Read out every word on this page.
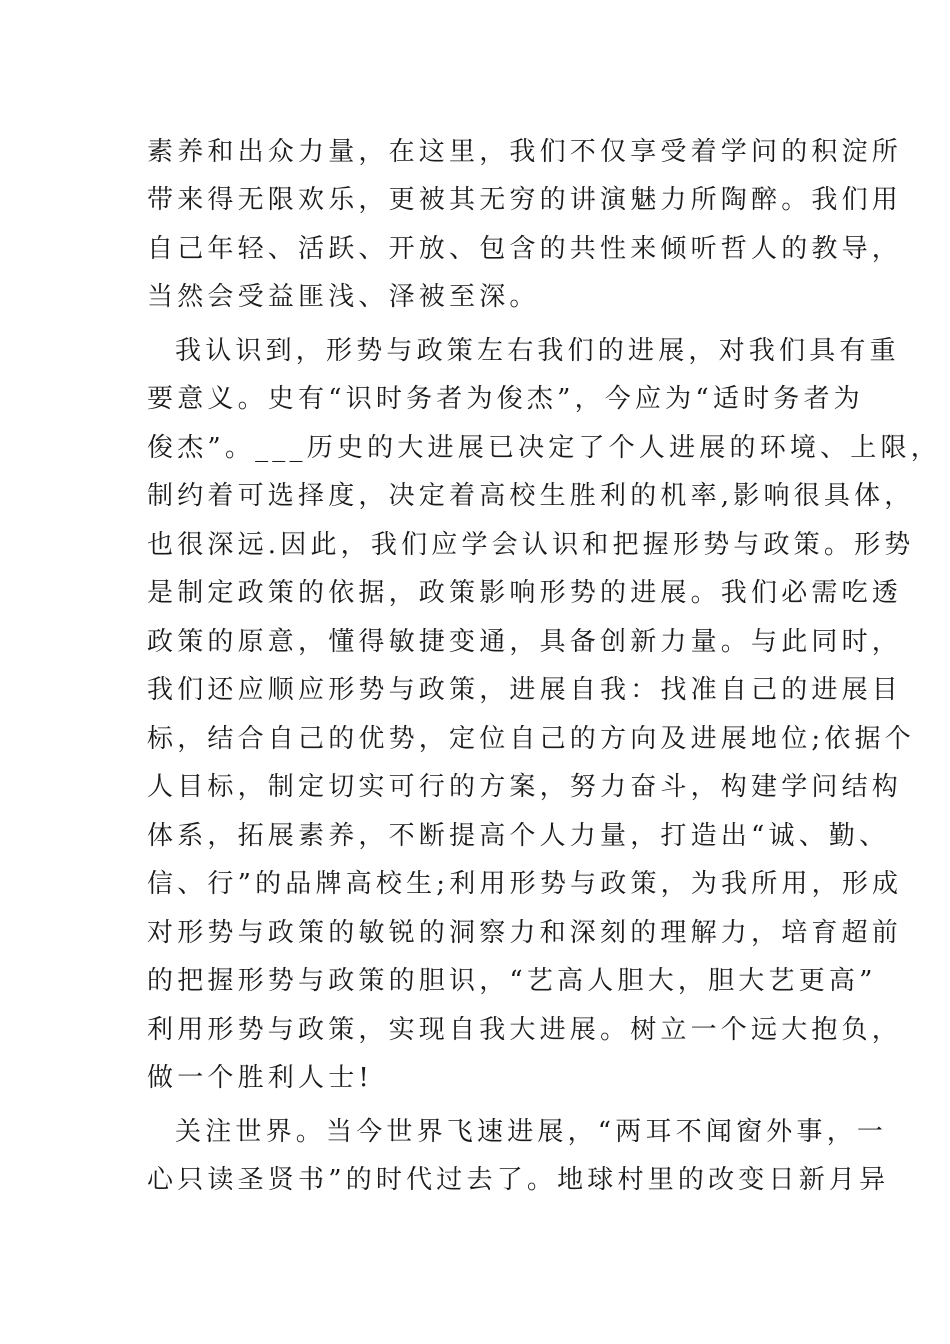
素养和出众力量，在这里，我们不仅享受着学问的积淀所
带来得无限欢乐，更被其无穷的讲演魅力所陶醉。我们用
自己年轻、活跃、开放、包含的共性来倾听哲人的教导，
当然会受益匪浅、泽被至深。
我认识到，形势与政策左右我们的进展，对我们具有重
要意义。史有“识时务者为俊杰”，今应为“适时务者为
俊杰”。___历史的大进展已决定了个人进展的环境、上限，
制约着可选择度，决定着高校生胜利的机率,影响很具体，
也很深远.因此，我们应学会认识和把握形势与政策。形势
是制定政策的依据，政策影响形势的进展。我们必需吃透
政策的原意，懂得敏捷变通，具备创新力量。与此同时，
我们还应顺应形势与政策，进展自我：找准自己的进展目
标，结合自己的优势，定位自己的方向及进展地位;依据个
人目标，制定切实可行的方案，努力奋斗，构建学问结构
体系，拓展素养，不断提高个人力量，打造出“诚、勤、
信、行”的品牌高校生;利用形势与政策，为我所用，形成
对形势与政策的敏锐的洞察力和深刻的理解力，培育超前
的把握形势与政策的胆识，“艺高人胆大，胆大艺更高”
利用形势与政策，实现自我大进展。树立一个远大抱负，
做一个胜利人士!
关注世界。当今世界飞速进展，“两耳不闻窗外事，一
心只读圣贤书”的时代过去了。地球村里的改变日新月异
